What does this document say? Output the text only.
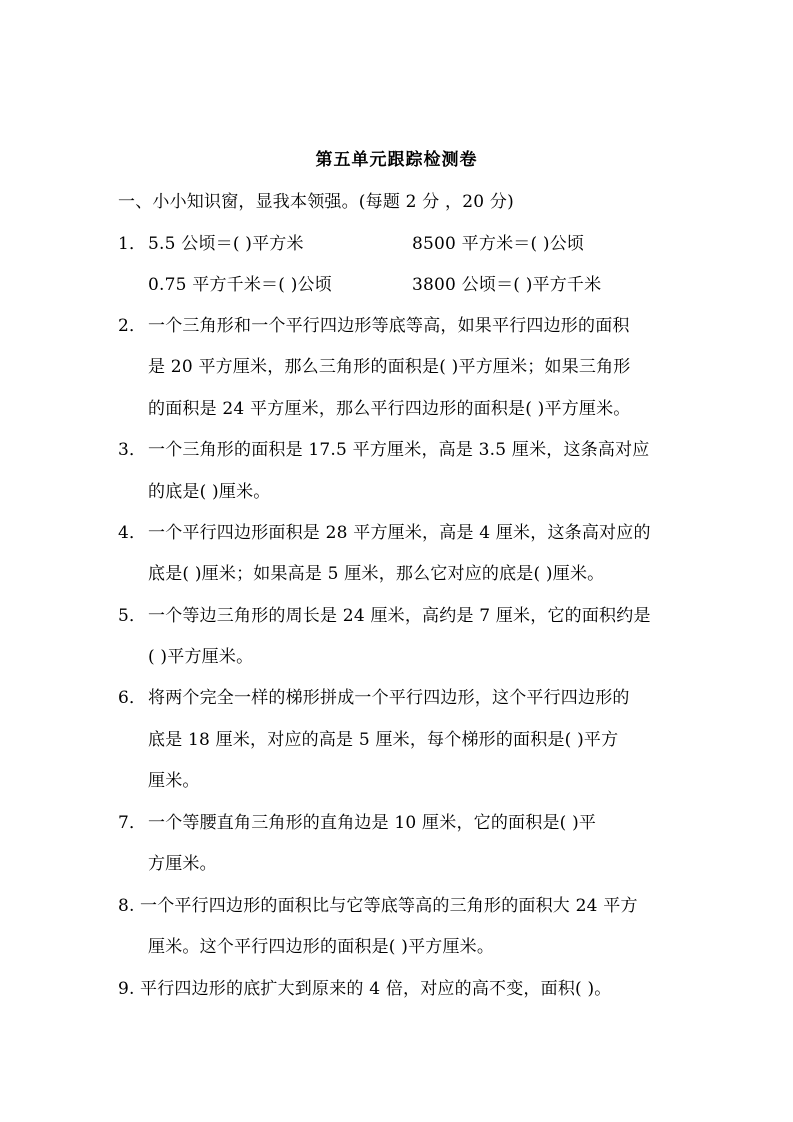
第五单元跟踪检测卷
一、小小知识窗，显我本领强。(每题 2 分 ，20 分)
1． 5.5 公顷＝( )平方米	8500 平方米＝( )公顷
0.75 平方千米＝( )公顷	3800 公顷＝( )平方千米
2． 一个三角形和一个平行四边形等底等高，如果平行四边形的面积
是 20 平方厘米，那么三角形的面积是( )平方厘米；如果三角形
的面积是 24 平方厘米，那么平行四边形的面积是( )平方厘米。
3． 一个三角形的面积是 17.5 平方厘米，高是 3.5 厘米，这条高对应
的底是( )厘米。
4． 一个平行四边形面积是 28 平方厘米，高是 4 厘米，这条高对应的
底是( )厘米；如果高是 5 厘米，那么它对应的底是( )厘米。
5． 一个等边三角形的周长是 24 厘米，高约是 7 厘米，它的面积约是
( )平方厘米。
6． 将两个完全一样的梯形拼成一个平行四边形，这个平行四边形的
底是 18 厘米，对应的高是 5 厘米，每个梯形的面积是( )平方
厘米。
7． 一个等腰直角三角形的直角边是 10 厘米，它的面积是( )平
方厘米。
8. 一个平行四边形的面积比与它等底等高的三角形的面积大 24 平方
厘米。这个平行四边形的面积是( )平方厘米。
9. 平行四边形的底扩大到原来的 4 倍，对应的高不变，面积( )。
